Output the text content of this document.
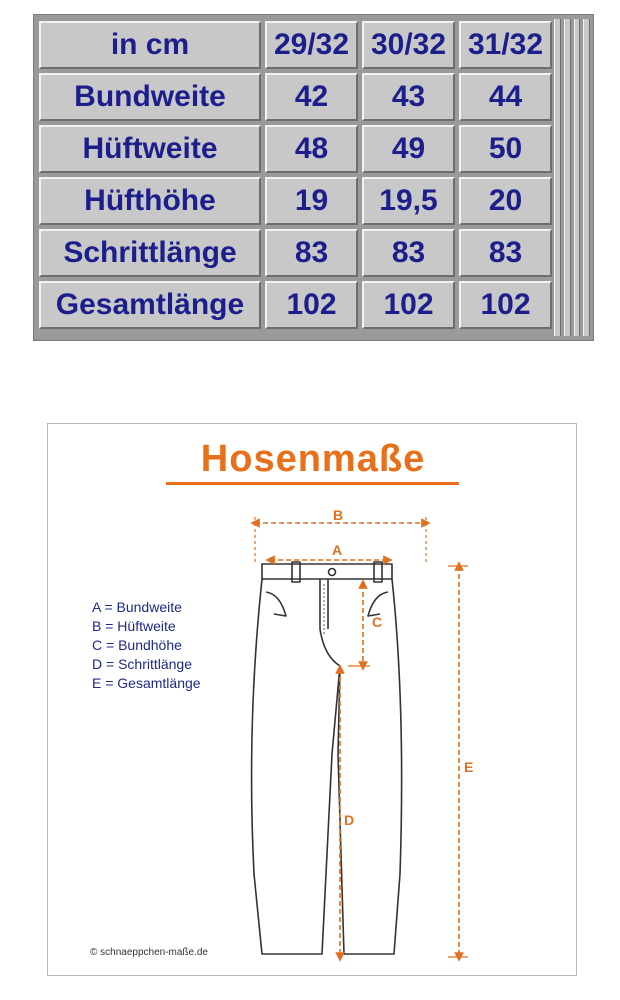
in cm	29/32	30/32	31/32
Bundweite	42	43	44
Hüftweite	48	49	50
Hüfthöhe	19	19,5	20
Schrittlänge	83	83	83
Gesamtlänge	102	102	102
Hosenmaße
B
A
C
D
E
A = Bundweite
B = Hüftweite
C = Bundhöhe
D = Schrittlänge
E = Gesamtlänge
© schnaeppchen-maße.de
